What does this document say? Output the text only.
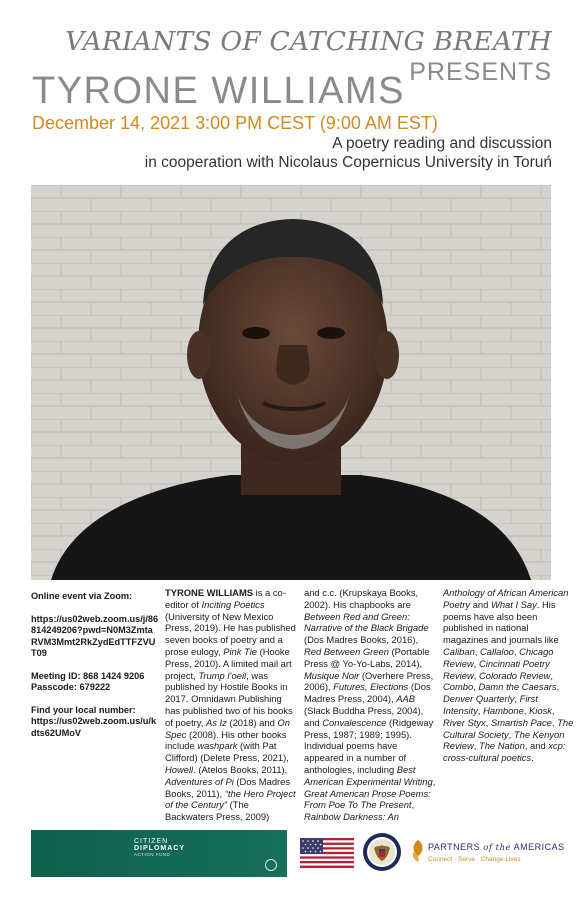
VARIANTS OF CATCHING BREATH
PRESENTS
TYRONE WILLIAMS
December 14, 2021 3:00 PM CEST (9:00 AM EST)
A poetry reading and discussion
in cooperation with Nicolaus Copernicus University in Toruń
Online event via Zoom:
https://us02web.zoom.us/j/86814249206?pwd=N0M3ZmtaRVM3Mmt2RkZydEdTTFZVUT09
Meeting ID: 868 1424 9206
Passcode: 679222
Find your local number:
https://us02web.zoom.us/u/kdts62UMoV
TYRONE WILLIAMS is a co-editor of Inciting Poetics (University of New Mexico Press, 2019). He has published seven books of poetry and a prose eulogy, Pink Tie (Hooke Press, 2010). A limited mail art project, Trump l’oeil, was published by Hostile Books in 2017. Omnidawn Publishing has published two of his books of poetry, As Iz (2018) and On Spec (2008). His other books include washpark (with Pat Clifford) (Delete Press, 2021), Howell. (Atelos Books, 2011), Adventures of Pi (Dos Madres Books, 2011), “the Hero Project of the Century” (The Backwaters Press, 2009)
and c.c. (Krupskaya Books, 2002). His chapbooks are Between Red and Green: Narrative of the Black Brigade (Dos Madres Books, 2016), Red Between Green (Portable Press @ Yo-Yo-Labs, 2014), Musique Noir (Overhere Press, 2006), Futures, Elections (Dos Madres Press, 2004), AAB (Slack Buddha Press, 2004), and Convalescence (Ridgeway Press, 1987; 1989; 1995). Individual poems have appeared in a number of anthologies, including Best American Experimental Writing, Great American Prose Poems: From Poe To The Present, Rainbow Darkness: An
Anthology of African American Poetry and What I Say. His poems have also been published in national magazines and journals like Caliban, Callaloo, Chicago Review, Cincinnati Poetry Review, Colorado Review, Combo, Damn the Caesars, Denver Quarterly, First Intensity, Hambone, Kiosk, River Styx, Smartish Pace, The Cultural Society, The Kenyon Review, The Nation, and xcp: cross-cultural poetics.
CITIZEN
DIPLOMACY
ACTION FUND
PARTNERS of the AMERICAS
Connect · Serve · Change Lives
